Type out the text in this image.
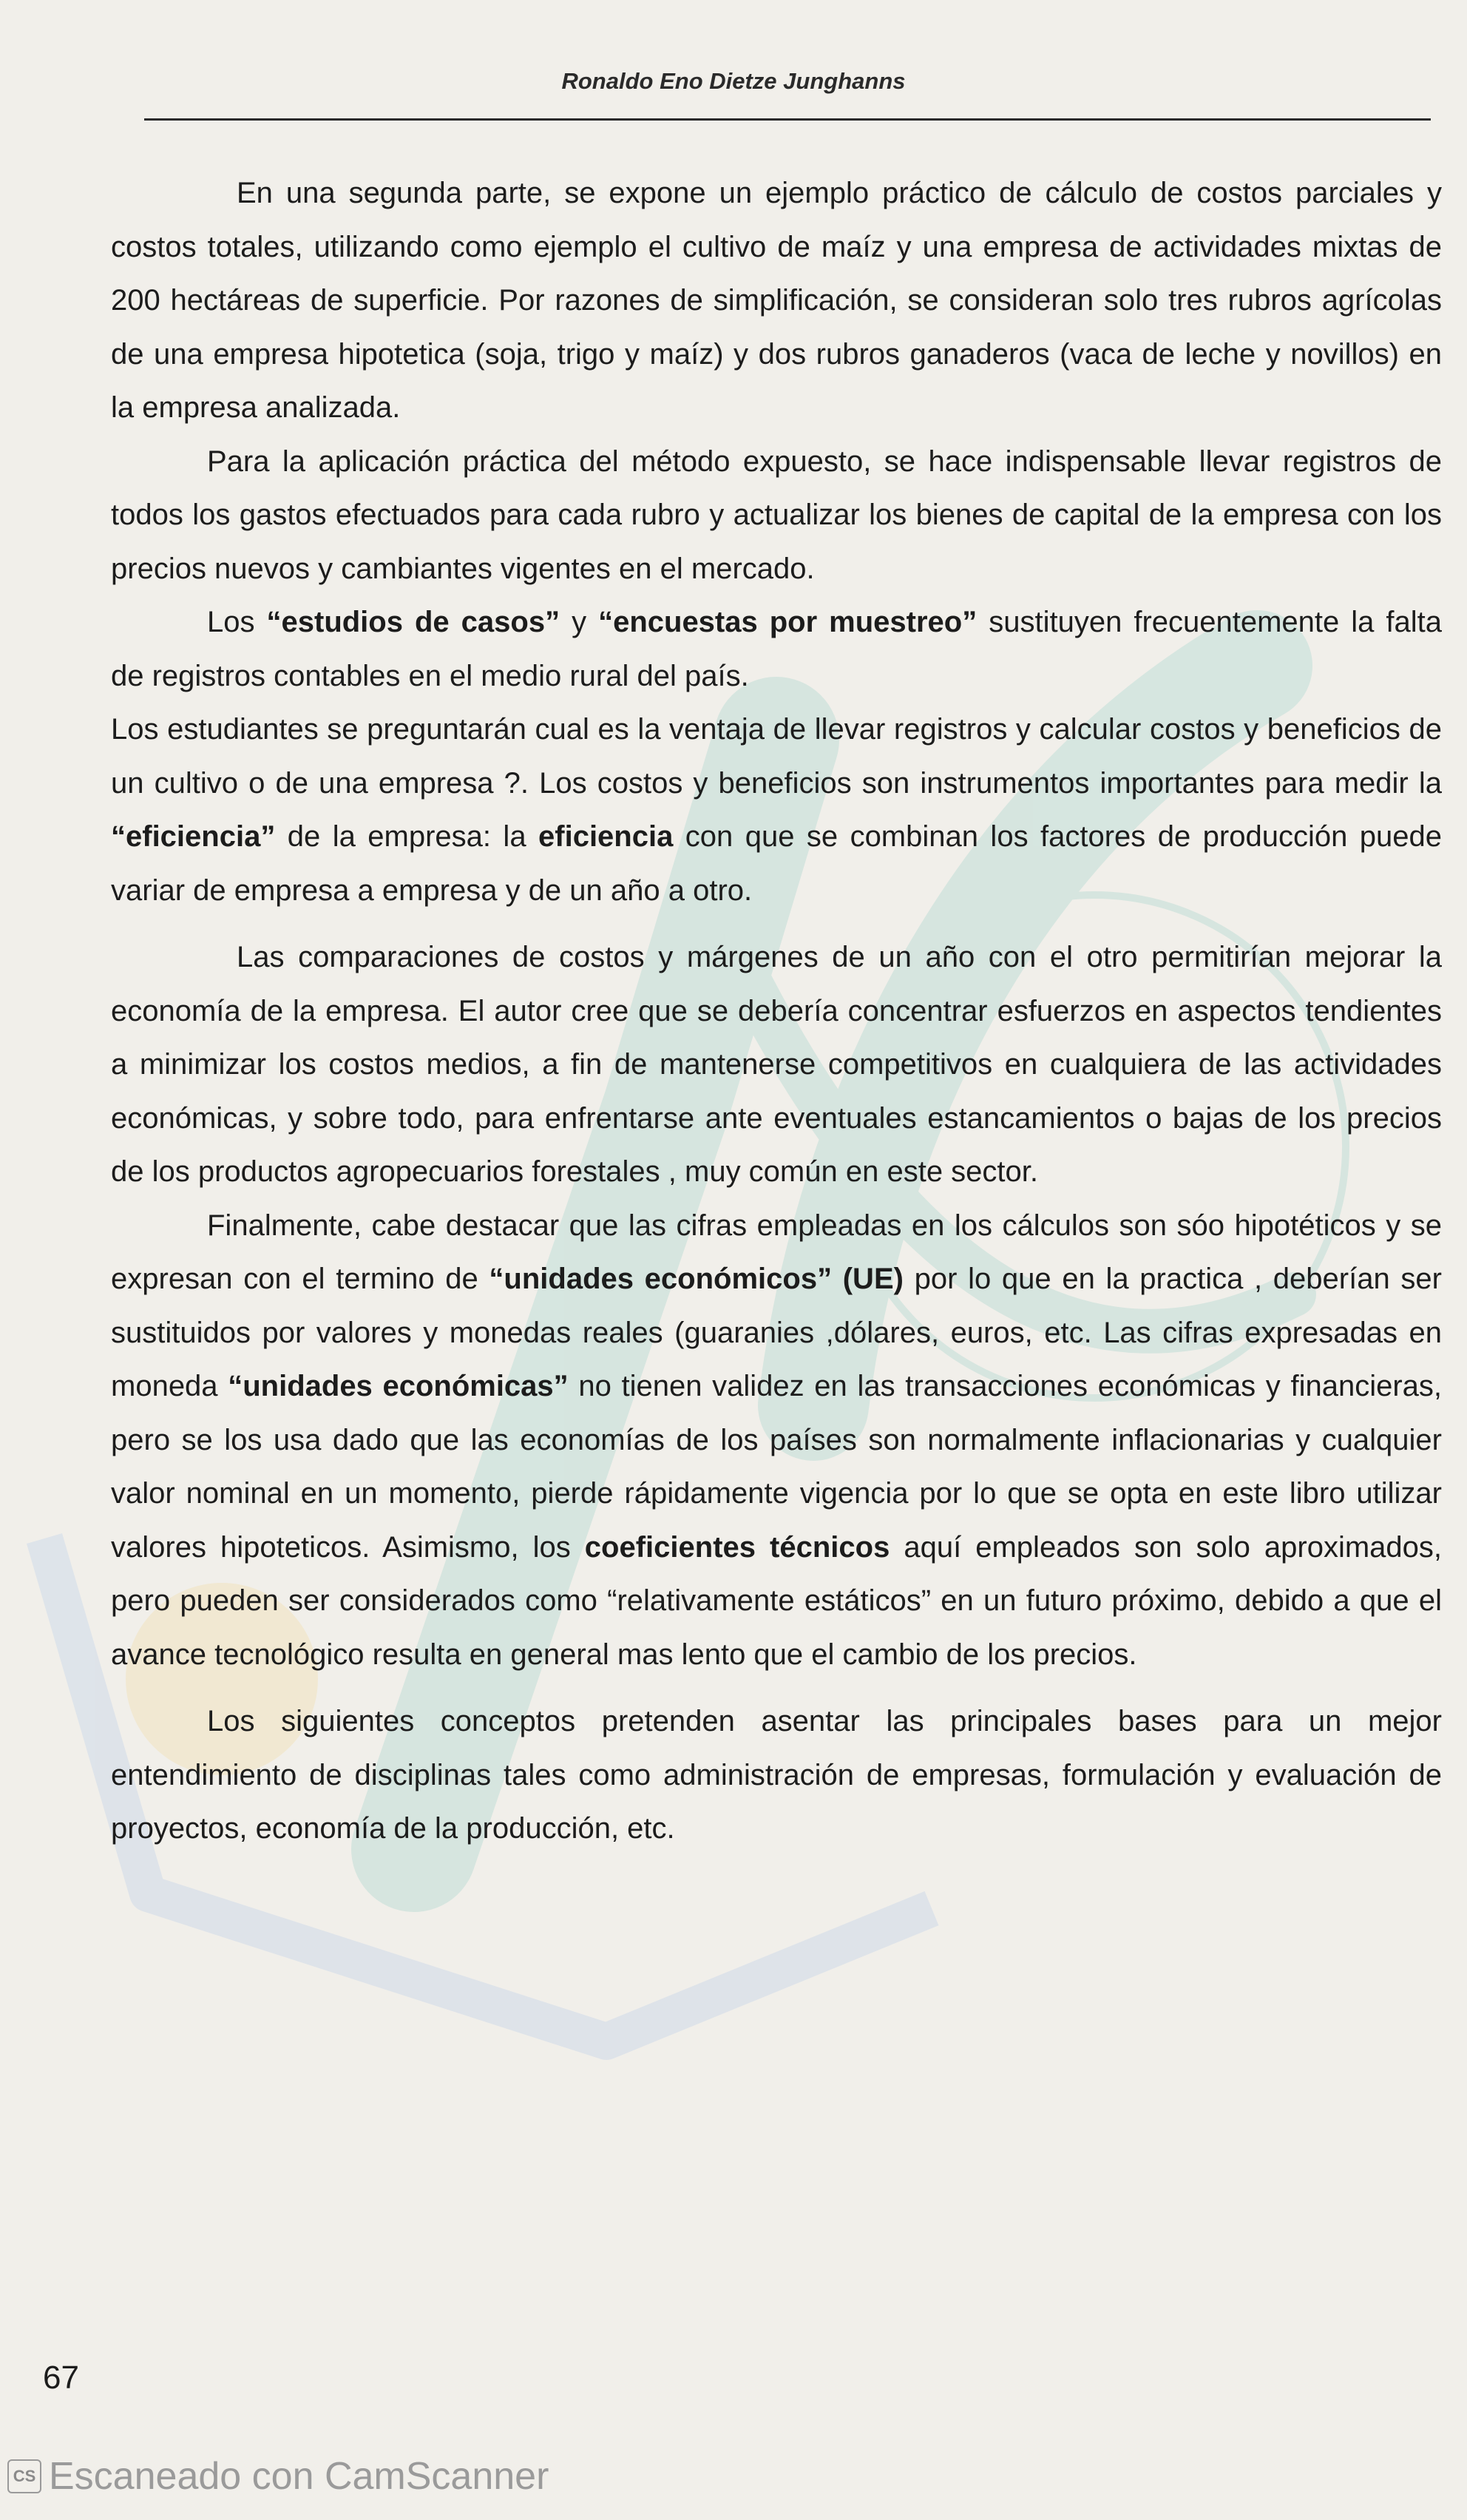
Ronaldo Eno Dietze Junghanns

En una segunda parte, se expone un ejemplo práctico de cálculo de costos parciales y costos totales, utilizando como ejemplo el cultivo de maíz y una empresa de actividades mixtas de 200 hectáreas de superficie. Por razones de simplificación, se consideran solo tres rubros agrícolas de una empresa hipotetica (soja, trigo y maíz) y dos rubros ganaderos (vaca de leche y novillos) en la empresa analizada.

Para la aplicación práctica del método expuesto, se hace indispensable llevar registros de todos los gastos efectuados para cada rubro y actualizar los bienes de capital de la empresa con los precios nuevos y cambiantes vigentes en el mercado.

Los “estudios de casos” y “encuestas por muestreo” sustituyen frecuentemente la falta de registros contables en el medio rural del país.

Los estudiantes se preguntarán cual es la ventaja de llevar registros y calcular costos y beneficios de un cultivo o de una empresa ?. Los costos y beneficios son instrumentos importantes para medir la “eficiencia” de la empresa: la eficiencia con que se combinan los factores de producción puede variar de empresa a empresa y de un año a otro.

Las comparaciones de costos y márgenes de un año con el otro permitirían mejorar la economía de la empresa. El autor cree que se debería concentrar esfuerzos en aspectos tendientes a minimizar los costos medios, a fin de mantenerse competitivos en cualquiera de las actividades económicas, y sobre todo, para enfrentarse ante eventuales estancamientos o bajas de los precios de los productos agropecuarios forestales , muy común en este sector.

Finalmente, cabe destacar que las cifras empleadas en los cálculos son sóo hipotéticos y se expresan con el termino de “unidades económicos” (UE) por lo que en la practica , deberían ser sustituidos por valores y monedas reales (guaranies ,dólares, euros, etc. Las cifras expresadas en moneda “unidades económicas” no tienen validez en las transacciones económicas y financieras, pero se los usa dado que las economías de los países son normalmente inflacionarias y cualquier valor nominal en un momento, pierde rápidamente vigencia por lo que se opta en este libro utilizar valores hipoteticos. Asimismo, los coeficientes técnicos aquí empleados son solo aproximados, pero pueden ser considerados como “relativamente estáticos” en un futuro próximo, debido a que el avance tecnológico resulta en general mas lento que el cambio de los precios.

Los siguientes conceptos pretenden asentar las principales bases para un mejor entendimiento de disciplinas tales como administración de empresas, formulación y evaluación de proyectos, economía de la producción, etc.

67

CS Escaneado con CamScanner
